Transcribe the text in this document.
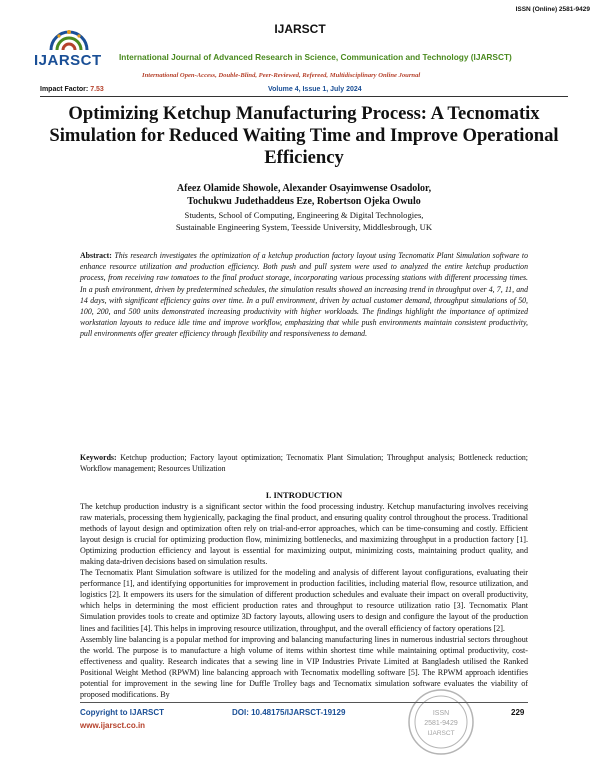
ISSN (Online) 2581-9429
IJARSCT
IJARSCT	International Journal of Advanced Research in Science, Communication and Technology (IJARSCT)
International Open-Access, Double-Blind, Peer-Reviewed, Refereed, Multidisciplinary Online Journal
Impact Factor: 7.53	Volume 4, Issue 1, July 2024
Optimizing Ketchup Manufacturing Process: A Tecnomatix Simulation for Reduced Waiting Time and Improve Operational Efficiency
Afeez Olamide Showole, Alexander Osayimwense Osadolor,
Tochukwu Judethaddeus Eze, Robertson Ojeka Owulo
Students, School of Computing, Engineering & Digital Technologies,
Sustainable Engineering System, Teesside University, Middlesbrough, UK
Abstract: This research investigates the optimization of a ketchup production factory layout using Tecnomatix Plant Simulation software to enhance resource utilization and production efficiency. Both push and pull system were used to analyzed the entire ketchup production process, from receiving raw tomatoes to the final product storage, incorporating various processing stations with different processing times. In a push environment, driven by predetermined schedules, the simulation results showed an increasing trend in throughput over 4, 7, 11, and 14 days, with significant efficiency gains over time. In a pull environment, driven by actual customer demand, throughput simulations of 50, 100, 200, and 500 units demonstrated increasing productivity with higher workloads. The findings highlight the importance of optimized workstation layouts to reduce idle time and improve workflow, emphasizing that while push environments maintain consistent productivity, pull environments offer greater efficiency through flexibility and responsiveness to demand.
Keywords: Ketchup production; Factory layout optimization; Tecnomatix Plant Simulation; Throughput analysis; Bottleneck reduction; Workflow management; Resources Utilization
I. INTRODUCTION

The ketchup production industry is a significant sector within the food processing industry. Ketchup manufacturing involves receiving raw materials, processing them hygienically, packaging the final product, and ensuring quality control throughout the process. Traditional methods of layout design and optimization often rely on trial-and-error approaches, which can be time-consuming and costly. Efficient layout design is crucial for optimizing production flow, minimizing bottlenecks, and maximizing throughput in a production factory [1]. Optimizing production efficiency and layout is essential for maximizing output, minimizing costs, maintaining product quality, and making data-driven decisions based on simulation results.

The Tecnomatix Plant Simulation software is utilized for the modeling and analysis of different layout configurations, evaluating their performance [1], and identifying opportunities for improvement in production facilities, including material flow, resource utilization, and logistics [2]. It empowers its users for the simulation of different production schedules and evaluate their impact on overall productivity, which helps in determining the most efficient production rates and throughput to resource utilization ratio [3]. Tecnomatix Plant Simulation provides tools to create and optimize 3D factory layouts, allowing users to design and configure the layout of the production lines and facilities [4]. This helps in improving resource utilization, throughput, and the overall efficiency of factory operations [2].

Assembly line balancing is a popular method for improving and balancing manufacturing lines in numerous industrial sectors throughout the world. The purpose is to manufacture a high volume of items within shortest time while maintaining optimal productivity, cost-effectiveness and quality. Research indicates that a sewing line in VIP Industries Private Limited at Bangladesh utilised the Ranked Positional Weight Method (RPWM) line balancing approach with Tecnomatix modelling software [5]. The RPWM approach identifies potential for improvement in the sewing line for Duffle Trolley bags and Tecnomatix simulation software evaluates the viability of proposed modifications. By

ISSN
2581-9429
IJARSCT
Copyright to IJARSCT
www.ijarsct.co.in
DOI: 10.48175/IJARSCT-19129	229
